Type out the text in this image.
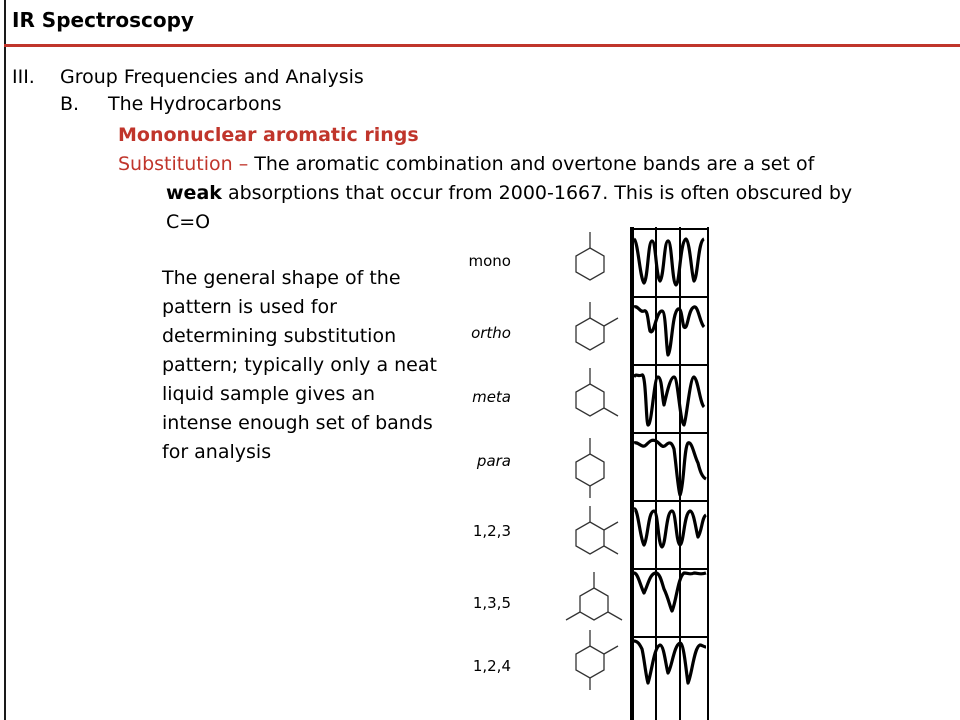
IR Spectroscopy

III. Group Frequencies and Analysis

B. The Hydrocarbons

Mononuclear aromatic rings

Substitution – The aromatic combination and overtone bands are a set of

weak absorptions that occur from 2000-1667. This is often obscured by

C=O

The general shape of the pattern is used for determining substitution pattern; typically only a neat liquid sample gives an intense enough set of bands for analysis

mono
ortho
meta
para
1,2,3
1,3,5
1,2,4
